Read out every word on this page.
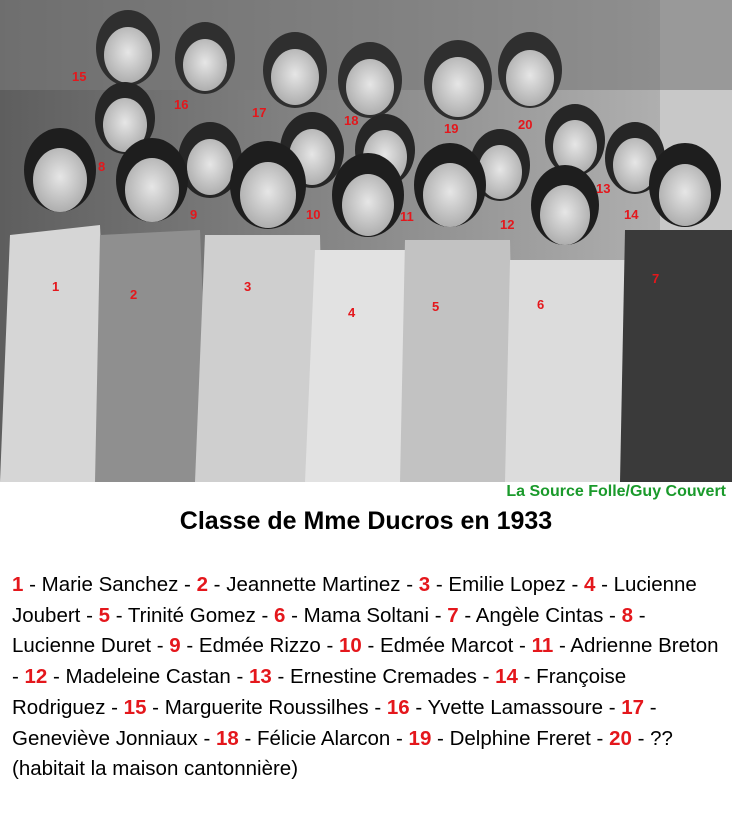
15
16
17
18
19	20
8
9	10	11
12
13
14
1
2
3
4	5	6
7
La Source Folle/Guy Couvert
Classe de Mme Ducros en 1933
1 - Marie Sanchez - 2 - Jeannette Martinez - 3 - Emilie Lopez - 4 - Lucienne Joubert - 5 - Trinité Gomez - 6 - Mama Soltani - 7 - Angèle Cintas - 8 - Lucienne Duret - 9 - Edmée Rizzo - 10 - Edmée Marcot - 11 - Adrienne Breton - 12 - Madeleine Castan - 13 - Ernestine Cremades - 14 - Françoise Rodriguez - 15 - Marguerite Roussilhes - 16 - Yvette Lamassoure - 17 - Geneviève Jonniaux - 18 - Félicie Alarcon - 19 - Delphine Freret - 20 - ?? (habitait la maison cantonnière)
